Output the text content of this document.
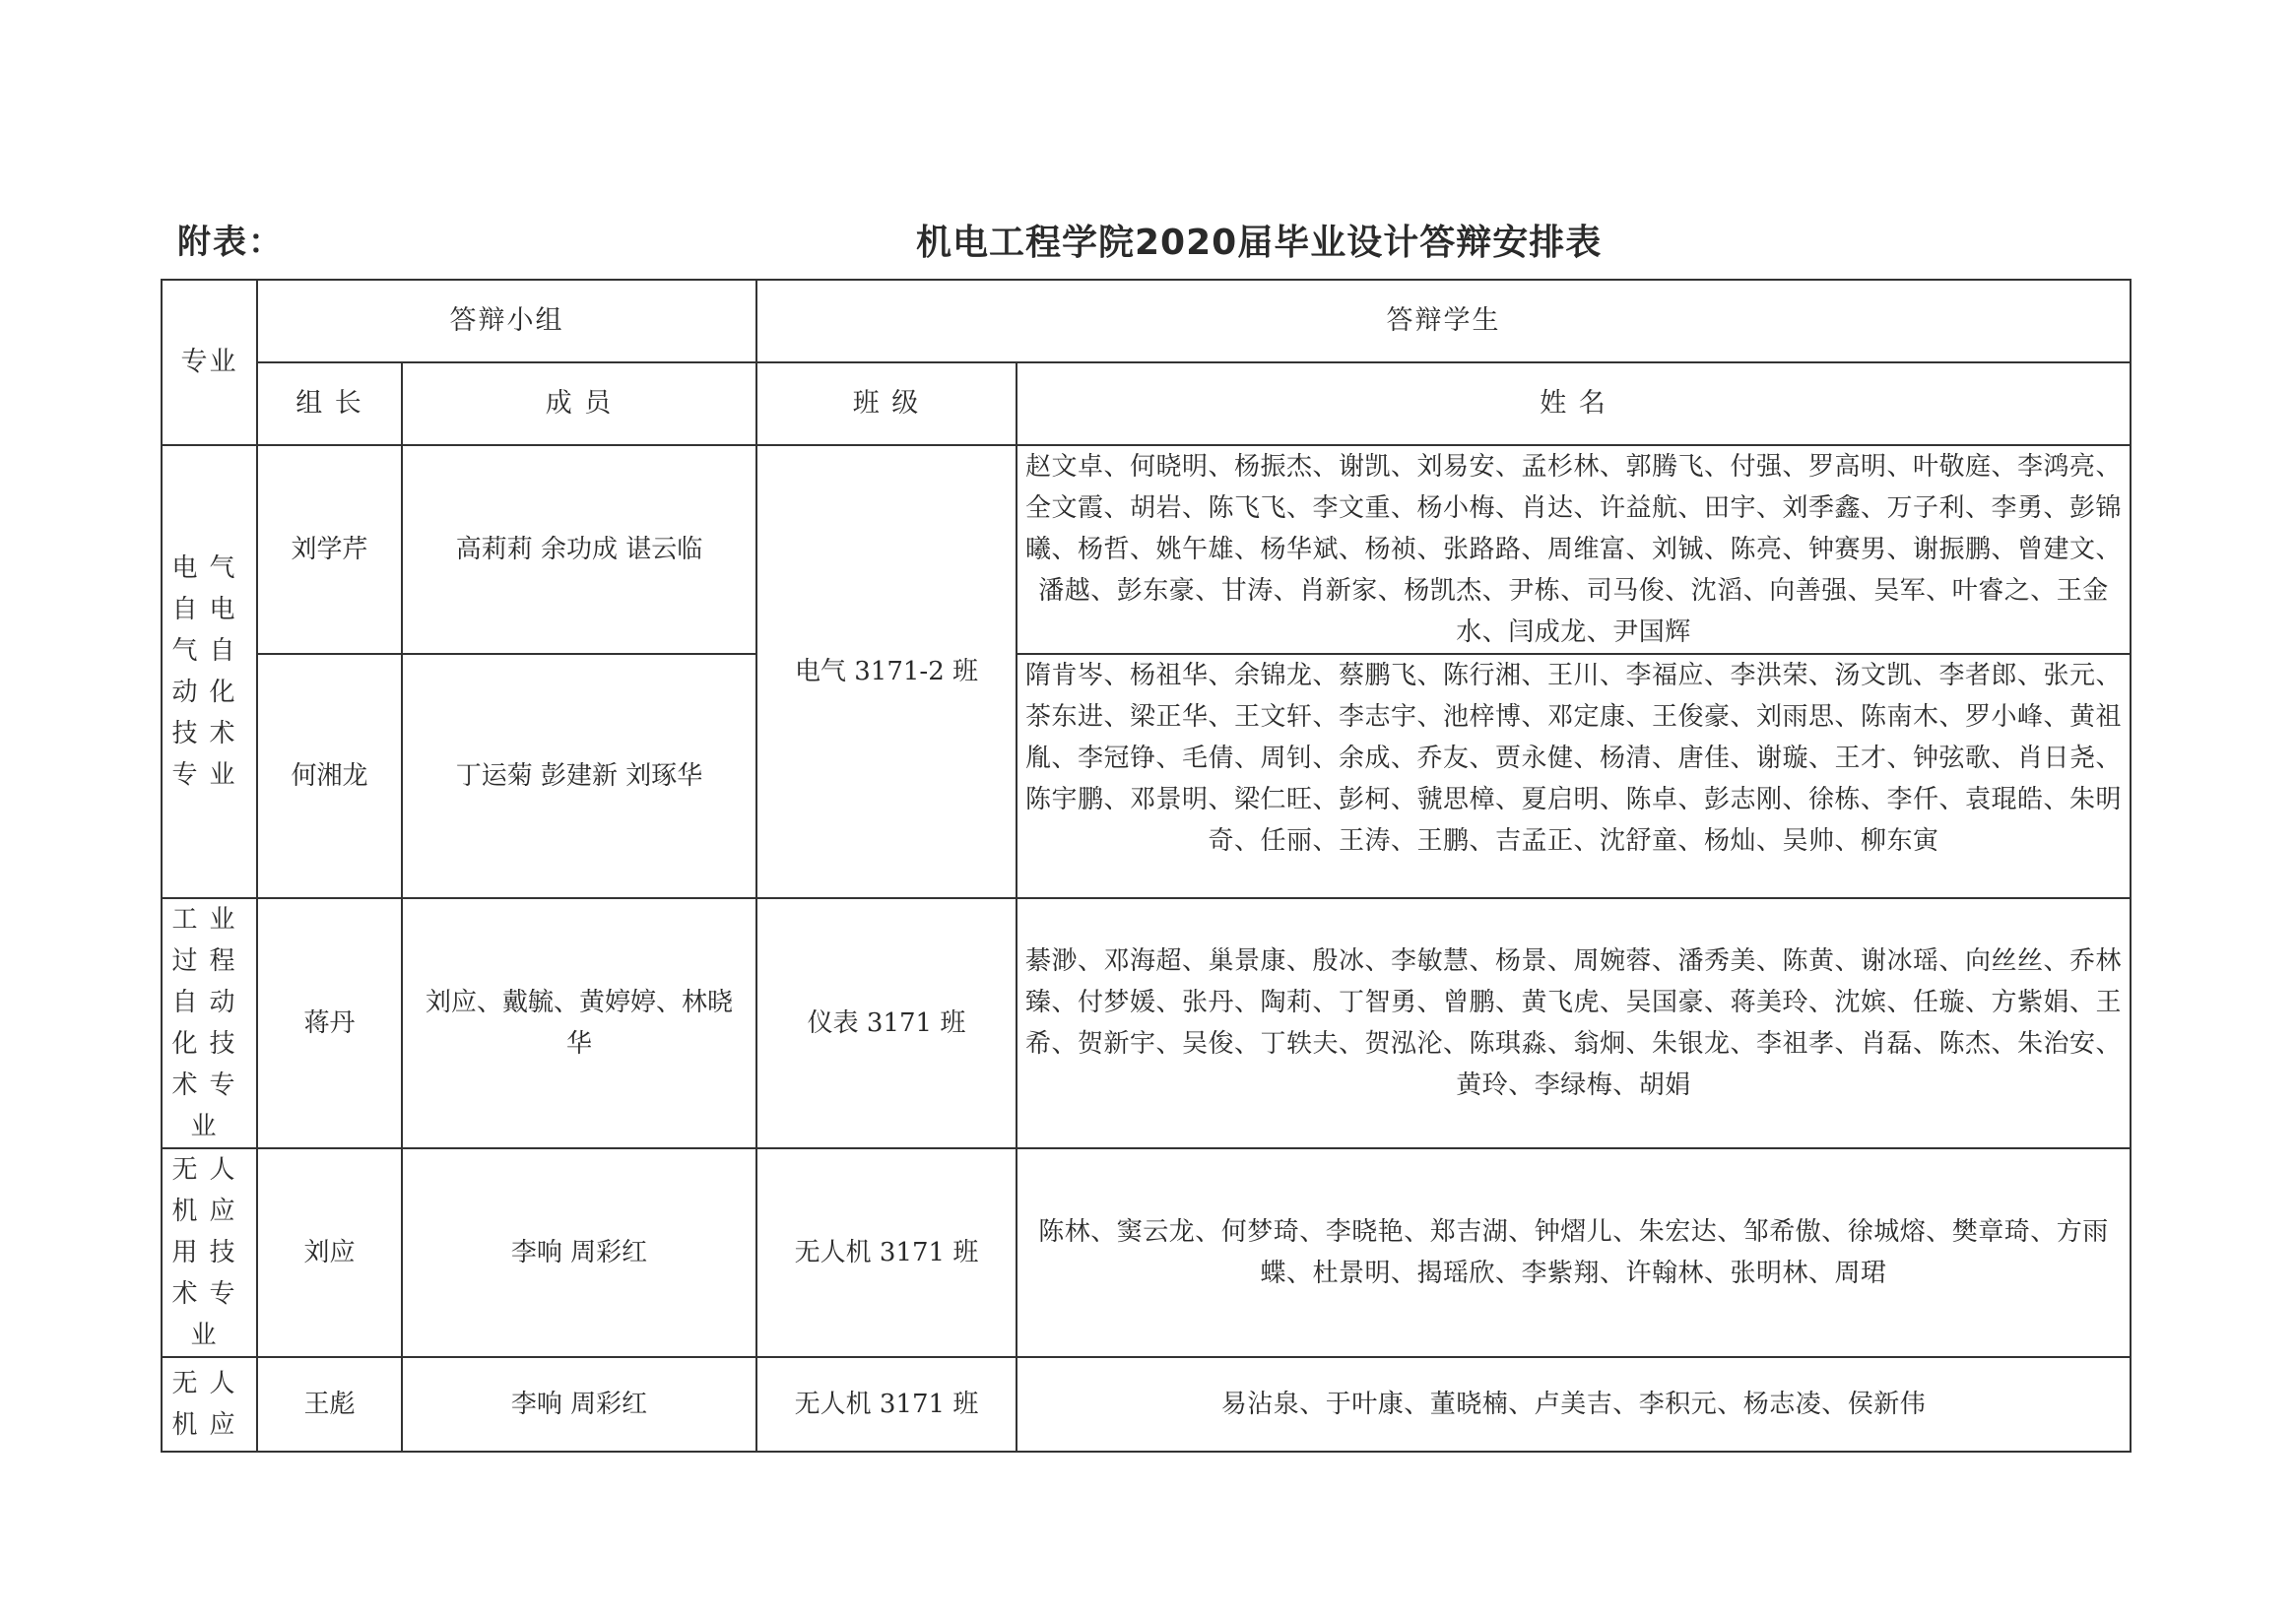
附表：	机电工程学院2020届毕业设计答辩安排表
专业	答辩小组		答辩学生	
	组 长	成 员	班 级	姓 名
电气自电气自动化技术专业	刘学芹	高莉莉 余功成 谌云临	电气 3171-2 班	赵文卓、何晓明、杨振杰、谢凯、刘易安、孟杉林、郭腾飞、付强、罗高明、叶敬庭、李鸿亮、全文霞、胡岩、陈飞飞、李文重、杨小梅、肖达、许益航、田宇、刘季鑫、万子利、李勇、彭锦曦、杨哲、姚午雄、杨华斌、杨祯、张路路、周维富、刘铖、陈亮、钟赛男、谢振鹏、曾建文、潘越、彭东豪、甘涛、肖新家、杨凯杰、尹栋、司马俊、沈滔、向善强、吴军、叶睿之、王金水、闫成龙、尹国辉
	何湘龙	丁运菊 彭建新 刘琢华		隋肯岑、杨祖华、余锦龙、蔡鹏飞、陈行湘、王川、李福应、李洪荣、汤文凯、李者郎、张元、茶东进、梁正华、王文轩、李志宇、池梓博、邓定康、王俊豪、刘雨思、陈南木、罗小峰、黄祖胤、李冠铮、毛倩、周钊、余成、乔友、贾永健、杨清、唐佳、谢璇、王才、钟弦歌、肖日尧、陈宇鹏、邓景明、梁仁旺、彭柯、虢思樟、夏启明、陈卓、彭志刚、徐栋、李仟、袁琨皓、朱明奇、任丽、王涛、王鹏、吉孟正、沈舒童、杨灿、吴帅、柳东寅
工业过程自动化技术专业	蒋丹	刘应、戴毓、黄婷婷、林晓华	仪表 3171 班	綦渺、邓海超、巢景康、殷冰、李敏慧、杨景、周婉蓉、潘秀美、陈黄、谢冰瑶、向丝丝、乔林臻、付梦媛、张丹、陶莉、丁智勇、曾鹏、黄飞虎、吴国豪、蒋美玲、沈嫔、任璇、方紫娟、王希、贺新宇、吴俊、丁轶夫、贺泓沦、陈琪淼、翁炯、朱银龙、李祖孝、肖磊、陈杰、朱治安、黄玲、李绿梅、胡娟
无人机应用技术专业	刘应	李响 周彩红	无人机 3171 班	陈林、窦云龙、何梦琦、李晓艳、郑吉湖、钟熠儿、朱宏达、邹希傲、徐城熔、樊章琦、方雨蝶、杜景明、揭瑶欣、李紫翔、许翰林、张明林、周珺
无人机应	王彪	李响 周彩红	无人机 3171 班	易沾泉、于叶康、董晓楠、卢美吉、李积元、杨志凌、侯新伟
